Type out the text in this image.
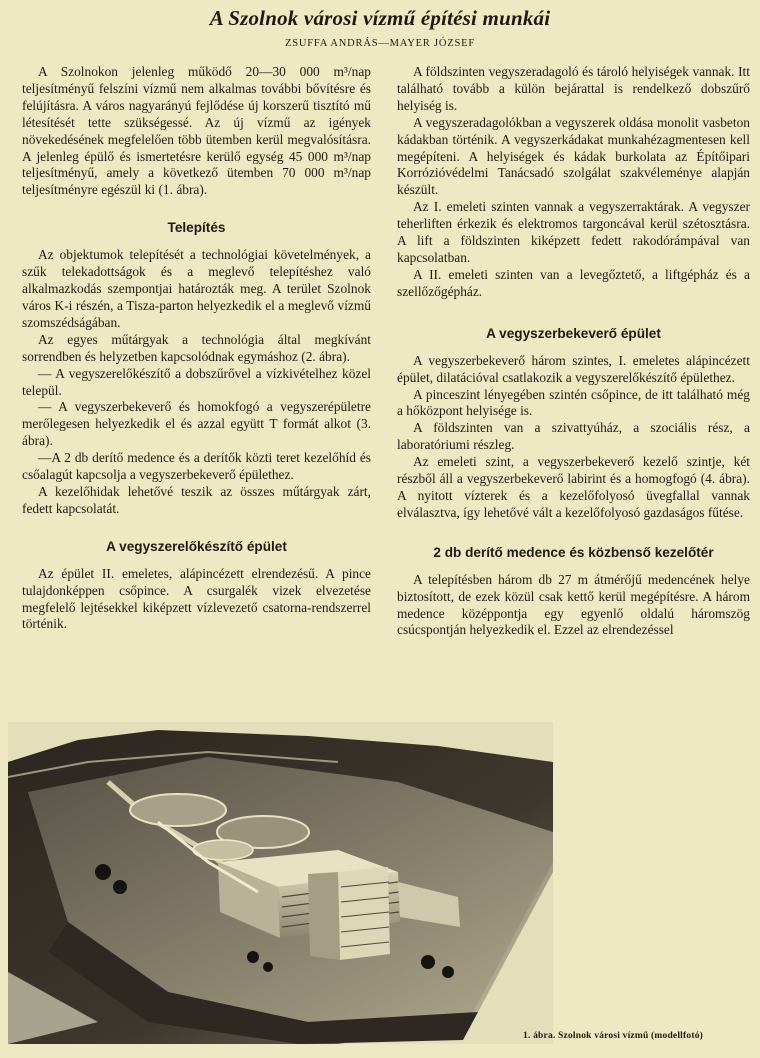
A Szolnok városi vízmű építési munkái
ZSUFFA ANDRÁS—MAYER JÓZSEF

A Szolnokon jelenleg működő 20—30 000 m³/nap teljesítményű felszíni vízmű nem alkalmas további bővítésre és felújításra. A város nagyarányú fejlődése új korszerű tisztító mű létesítését tette szükségessé. Az új vízmű az igények növekedésének megfelelően több ütemben kerül megvalósításra. A jelenleg épülő és ismertetésre kerülő egység 45 000 m³/nap teljesítményű, amely a következő ütemben 70 000 m³/nap teljesítményre egészül ki (1. ábra).

Telepítés

Az objektumok telepítését a technológiai követelmények, a szűk telekadottságok és a meglevő telepítéshez való alkalmazkodás szempontjai határozták meg. A terület Szolnok város K-i részén, a Tisza-parton helyezkedik el a meglevő vízmű szomszédságában.

Az egyes műtárgyak a technológia által megkívánt sorrendben és helyzetben kapcsolódnak egymáshoz (2. ábra).

— A vegyszerelőkészítő a dobszűrővel a vízkivételhez közel települ.

— A vegyszerbekeverő és homokfogó a vegyszerépületre merőlegesen helyezkedik el és azzal együtt T formát alkot (3. ábra).

—A 2 db derítő medence és a derítők közti teret kezelőhíd és csőalagút kapcsolja a vegyszerbekeverő épülethez.

A kezelőhidak lehetővé teszik az összes műtárgyak zárt, fedett kapcsolatát.

A vegyszerelőkészítő épület

Az épület II. emeletes, alápincézett elrendezésű. A pince tulajdonképpen csőpince. A csurgalék vizek elvezetése megfelelő lejtésekkel kiképzett vízlevezető csatorna-rendszerrel történik.

A földszinten vegyszeradagoló és tároló helyiségek vannak. Itt található tovább a külön bejárattal is rendelkező dobszűrő helyiség is.

A vegyszeradagolókban a vegyszerek oldása monolit vasbeton kádakban történik. A vegyszerkádakat munkahézagmentesen kell megépíteni. A helyiségek és kádak burkolata az Építőipari Korrózióvédelmi Tanácsadó szolgálat szakvéleménye alapján készült.

Az I. emeleti szinten vannak a vegyszerraktárak. A vegyszer teherliften érkezik és elektromos targoncával kerül szétosztásra. A lift a földszinten kiképzett fedett rakodórámpával van kapcsolatban.

A II. emeleti szinten van a levegőztető, a liftgépház és a szellőzőgépház.

A vegyszerbekeverő épület

A vegyszerbekeverő három szintes, I. emeletes alápincézett épület, dilatációval csatlakozik a vegyszerelőkészítő épülethez.

A pinceszint lényegében szintén csőpince, de itt található még a hőközpont helyisége is.

A földszinten van a szivattyúház, a szociális rész, a laboratóriumi részleg.

Az emeleti szint, a vegyszerbekeverő kezelő szintje, két részből áll a vegyszerbekeverő labirint és a homogfogó (4. ábra). A nyitott vízterek és a kezelőfolyosó üvegfallal vannak elválasztva, így lehetővé vált a kezelőfolyosó gazdaságos fűtése.

2 db derítő medence és közbenső kezelőtér

A telepítésben három db 27 m átmérőjű medencének helye biztosított, de ezek közül csak kettő kerül megépítésre. A három medence középpontja egy egyenlő oldalú háromszög csúcspontján helyezkedik el. Ezzel az elrendezéssel

1. ábra. Szolnok városi vízmű (modellfotó)
